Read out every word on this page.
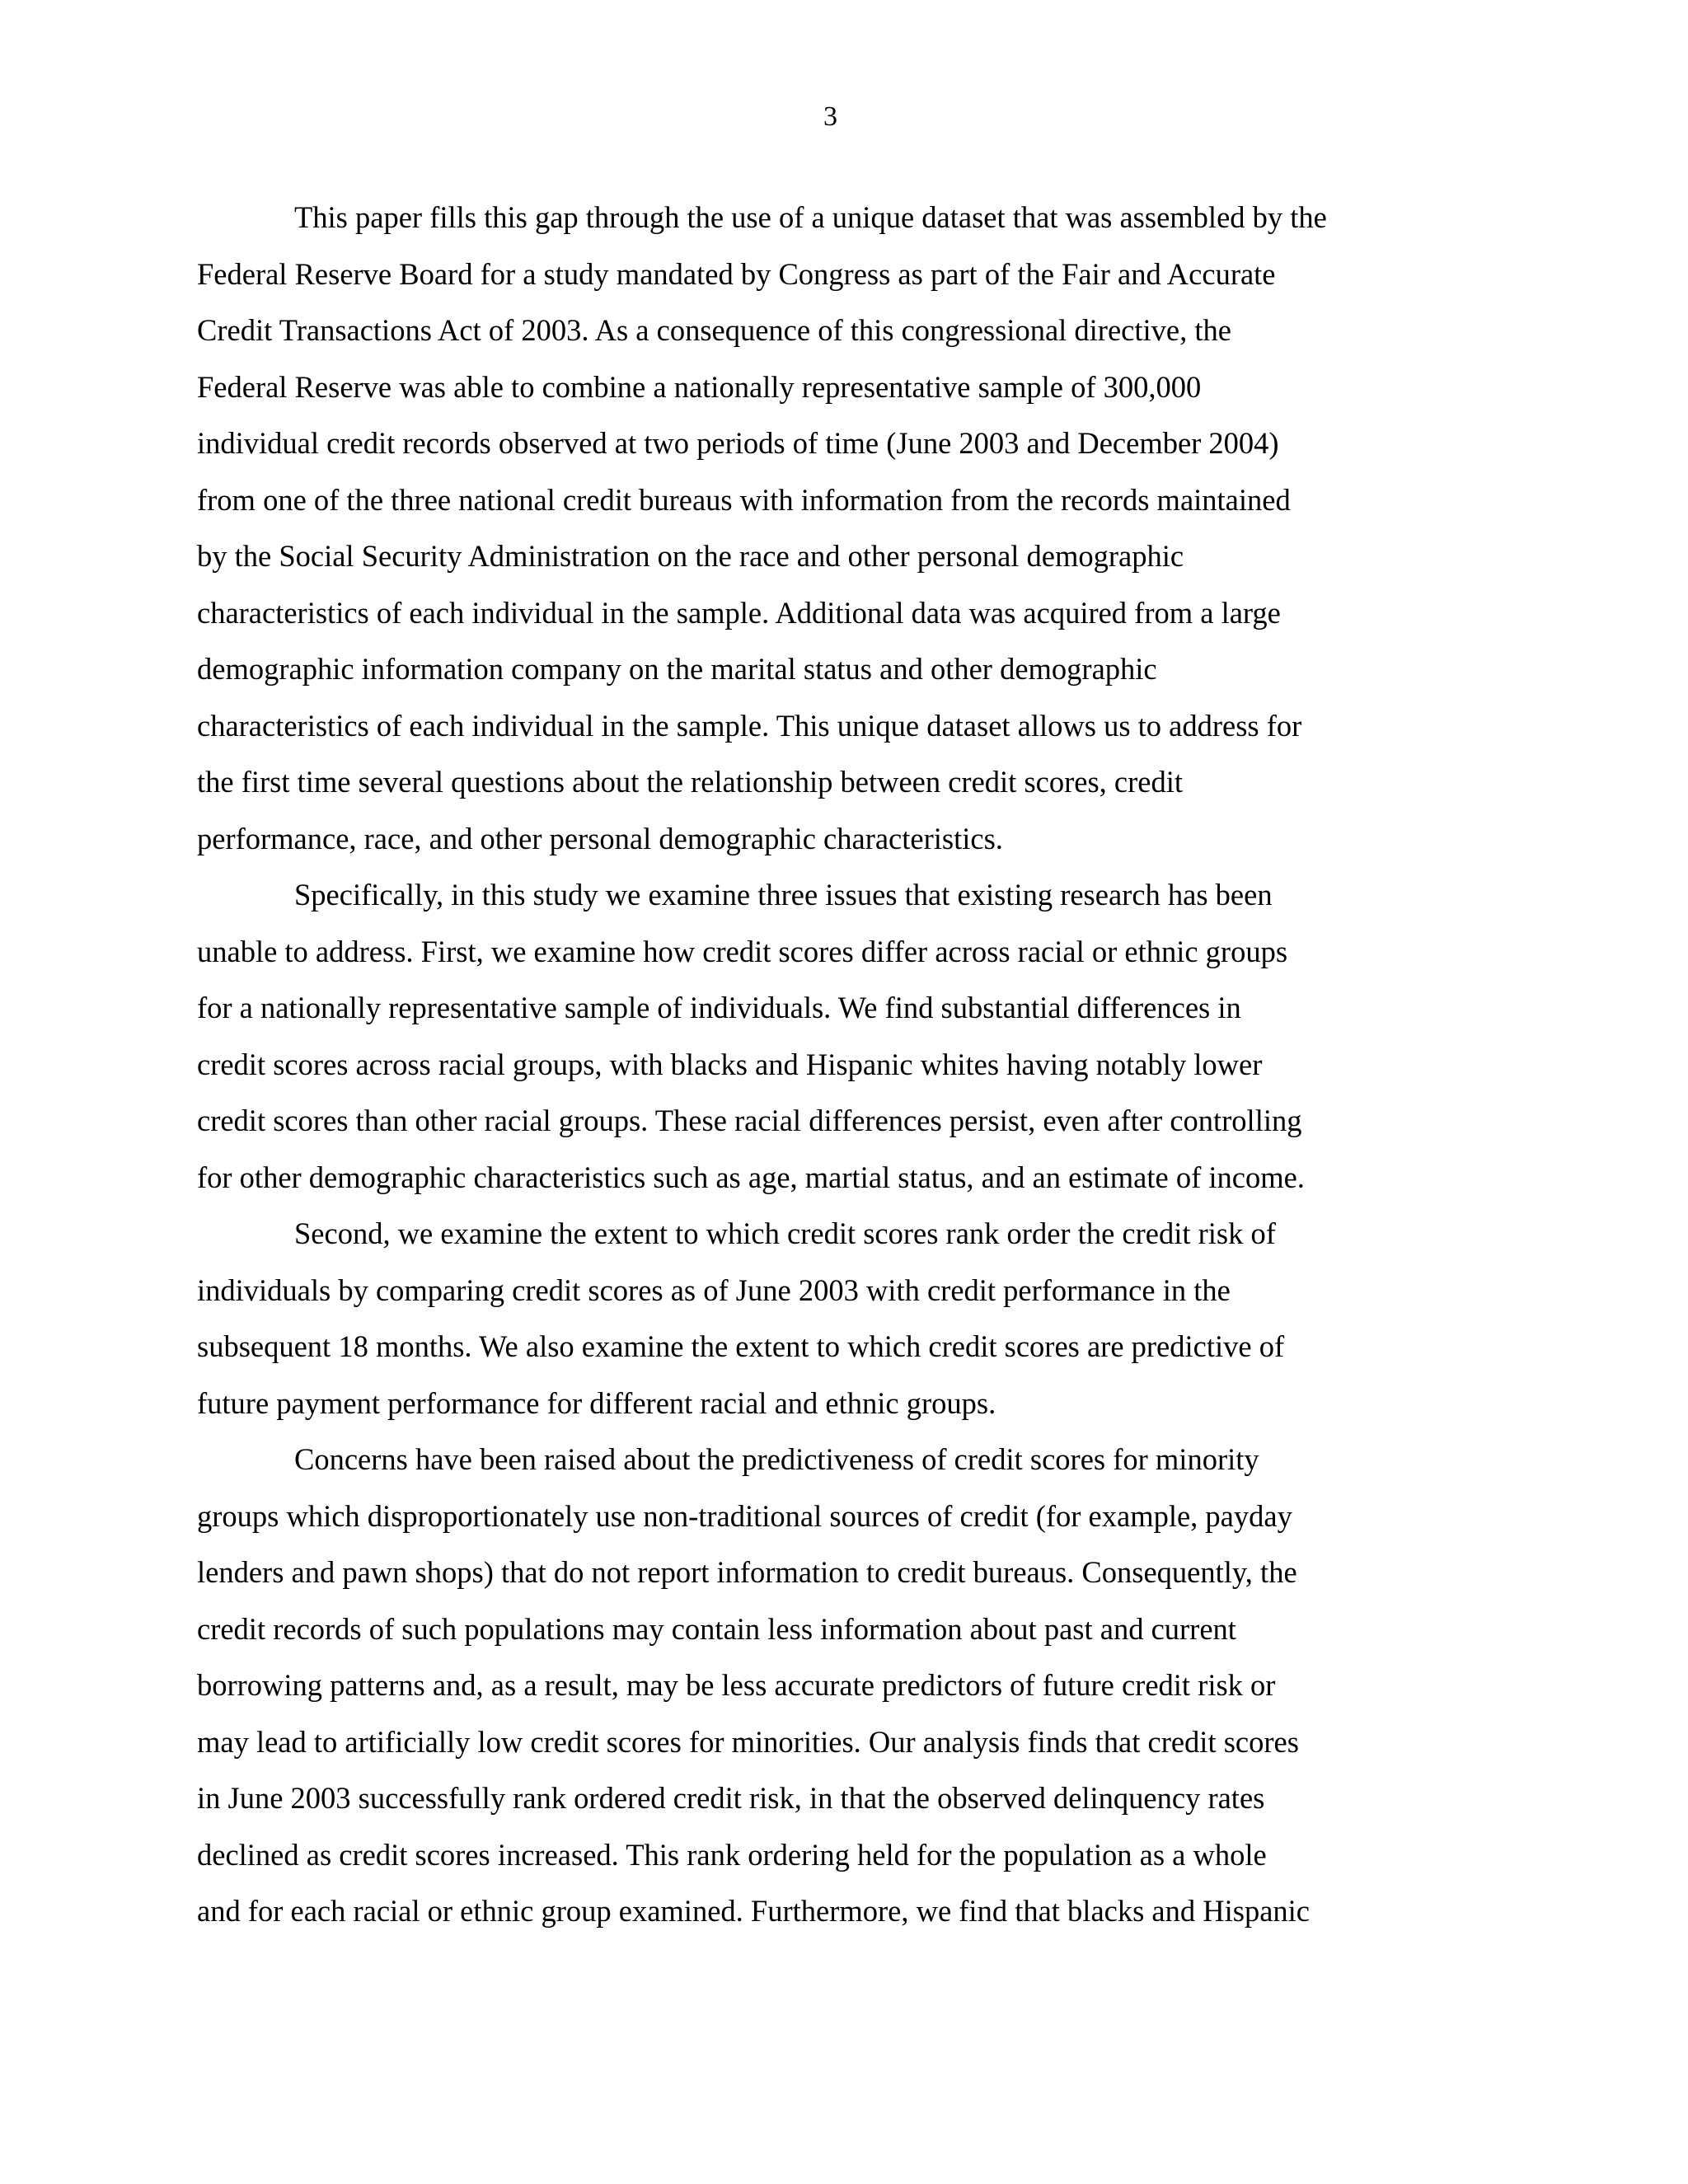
3
This paper fills this gap through the use of a unique dataset that was assembled by the
Federal Reserve Board for a study mandated by Congress as part of the Fair and Accurate
Credit Transactions Act of 2003. As a consequence of this congressional directive, the
Federal Reserve was able to combine a nationally representative sample of 300,000
individual credit records observed at two periods of time (June 2003 and December 2004)
from one of the three national credit bureaus with information from the records maintained
by the Social Security Administration on the race and other personal demographic
characteristics of each individual in the sample. Additional data was acquired from a large
demographic information company on the marital status and other demographic
characteristics of each individual in the sample. This unique dataset allows us to address for
the first time several questions about the relationship between credit scores, credit
performance, race, and other personal demographic characteristics.
Specifically, in this study we examine three issues that existing research has been
unable to address. First, we examine how credit scores differ across racial or ethnic groups
for a nationally representative sample of individuals. We find substantial differences in
credit scores across racial groups, with blacks and Hispanic whites having notably lower
credit scores than other racial groups. These racial differences persist, even after controlling
for other demographic characteristics such as age, martial status, and an estimate of income.
Second, we examine the extent to which credit scores rank order the credit risk of
individuals by comparing credit scores as of June 2003 with credit performance in the
subsequent 18 months. We also examine the extent to which credit scores are predictive of
future payment performance for different racial and ethnic groups.
Concerns have been raised about the predictiveness of credit scores for minority
groups which disproportionately use non-traditional sources of credit (for example, payday
lenders and pawn shops) that do not report information to credit bureaus. Consequently, the
credit records of such populations may contain less information about past and current
borrowing patterns and, as a result, may be less accurate predictors of future credit risk or
may lead to artificially low credit scores for minorities. Our analysis finds that credit scores
in June 2003 successfully rank ordered credit risk, in that the observed delinquency rates
declined as credit scores increased. This rank ordering held for the population as a whole
and for each racial or ethnic group examined. Furthermore, we find that blacks and Hispanic
